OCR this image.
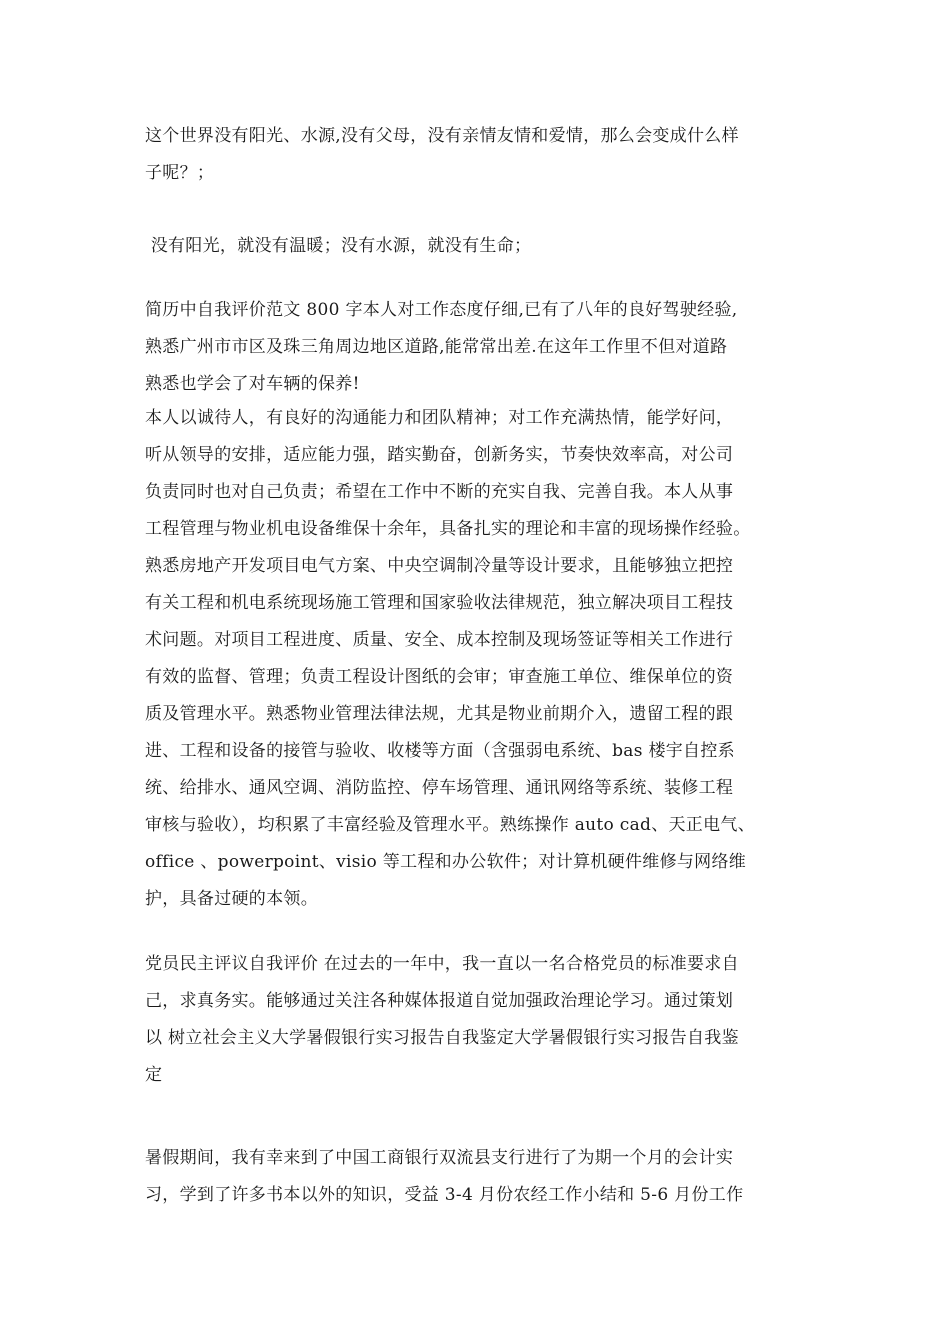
这个世界没有阳光、水源,没有父母，没有亲情友情和爱情，那么会变成什么样
子呢？；
没有阳光，就没有温暖；没有水源，就没有生命；
简历中自我评价范文 800 字本人对工作态度仔细,已有了八年的良好驾驶经验,
熟悉广州市市区及珠三角周边地区道路,能常常出差.在这年工作里不但对道路
熟悉也学会了对车辆的保养!
本人以诚待人，有良好的沟通能力和团队精神；对工作充满热情，能学好问，
听从领导的安排，适应能力强，踏实勤奋，创新务实，节奏快效率高，对公司
负责同时也对自己负责；希望在工作中不断的充实自我、完善自我。本人从事
工程管理与物业机电设备维保十余年，具备扎实的理论和丰富的现场操作经验。
熟悉房地产开发项目电气方案、中央空调制冷量等设计要求，且能够独立把控
有关工程和机电系统现场施工管理和国家验收法律规范，独立解决项目工程技
术问题。对项目工程进度、质量、安全、成本控制及现场签证等相关工作进行
有效的监督、管理；负责工程设计图纸的会审；审查施工单位、维保单位的资
质及管理水平。熟悉物业管理法律法规，尤其是物业前期介入，遗留工程的跟
进、工程和设备的接管与验收、收楼等方面（含强弱电系统、bas 楼宇自控系
统、给排水、通风空调、消防监控、停车场管理、通讯网络等系统、装修工程
审核与验收），均积累了丰富经验及管理水平。熟练操作 auto cad、天正电气、
office 、powerpoint、visio 等工程和办公软件；对计算机硬件维修与网络维
护，具备过硬的本领。
党员民主评议自我评价 在过去的一年中，我一直以一名合格党员的标准要求自
己，求真务实。能够通过关注各种媒体报道自觉加强政治理论学习。通过策划
以 树立社会主义大学暑假银行实习报告自我鉴定大学暑假银行实习报告自我鉴
定
暑假期间，我有幸来到了中国工商银行双流县支行进行了为期一个月的会计实
习，学到了许多书本以外的知识，受益 3-4 月份农经工作小结和 5-6 月份工作
